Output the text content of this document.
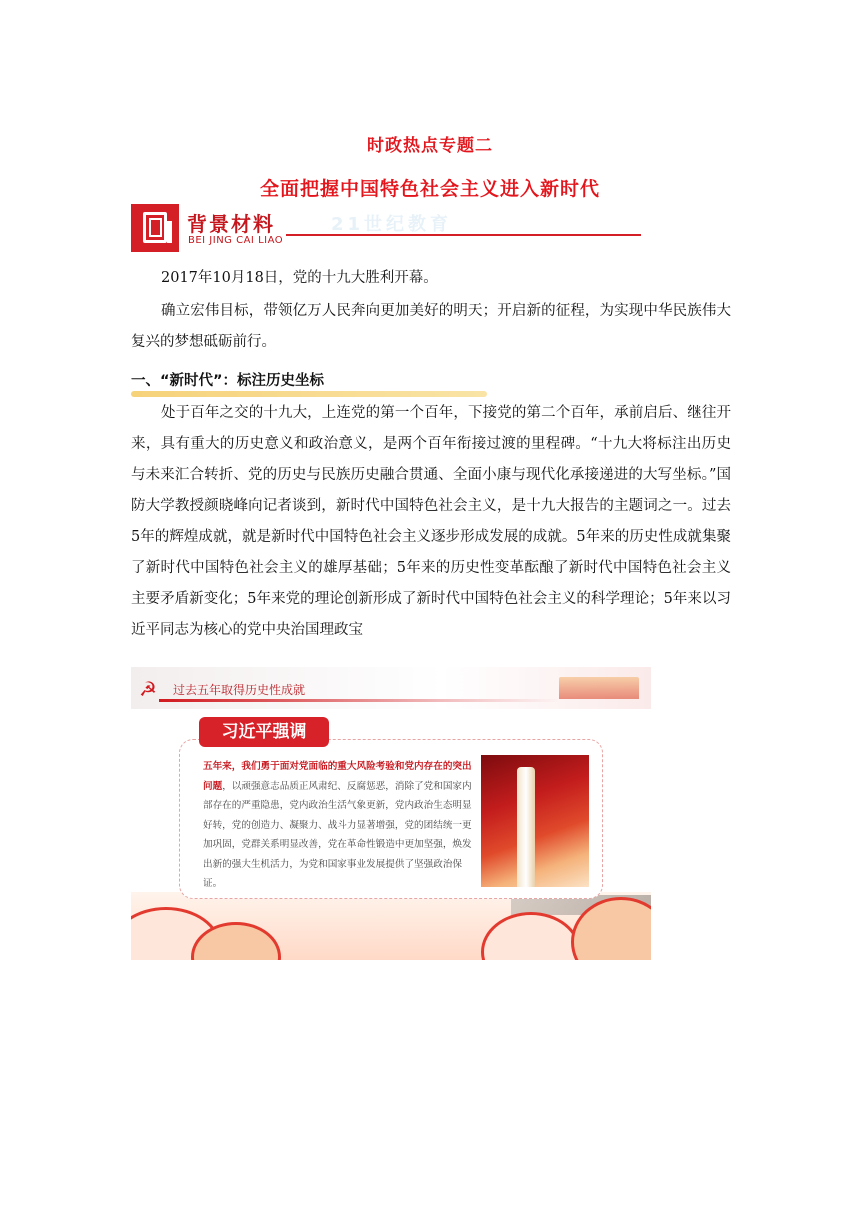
时政热点专题二
全面把握中国特色社会主义进入新时代
背景材料
BEI JING CAI LIAO
21世纪教育

2017年10月18日，党的十九大胜利开幕。

确立宏伟目标，带领亿万人民奔向更加美好的明天；开启新的征程，为实现中华民族伟大复兴的梦想砥砺前行。

一、“新时代”：标注历史坐标

处于百年之交的十九大，上连党的第一个百年，下接党的第二个百年，承前启后、继往开来，具有重大的历史意义和政治意义，是两个百年衔接过渡的里程碑。“十九大将标注出历史与未来汇合转折、党的历史与民族历史融合贯通、全面小康与现代化承接递进的大写坐标。”国防大学教授颜晓峰向记者谈到，新时代中国特色社会主义，是十九大报告的主题词之一。过去5年的辉煌成就，就是新时代中国特色社会主义逐步形成发展的成就。5年来的历史性成就集聚了新时代中国特色社会主义的雄厚基础；5年来的历史性变革酝酿了新时代中国特色社会主义主要矛盾新变化；5年来党的理论创新形成了新时代中国特色社会主义的科学理论；5年来以习近平同志为核心的党中央治国理政宝

☭ 过去五年取得历史性成就
习近平强调
五年来，我们勇于面对党面临的重大风险考验和党内存在的突出问题，以顽强意志品质正风肃纪、反腐惩恶，消除了党和国家内部存在的严重隐患，党内政治生活气象更新，党内政治生态明显好转，党的创造力、凝聚力、战斗力显著增强，党的团结统一更加巩固，党群关系明显改善，党在革命性锻造中更加坚强，焕发出新的强大生机活力，为党和国家事业发展提供了坚强政治保证。
